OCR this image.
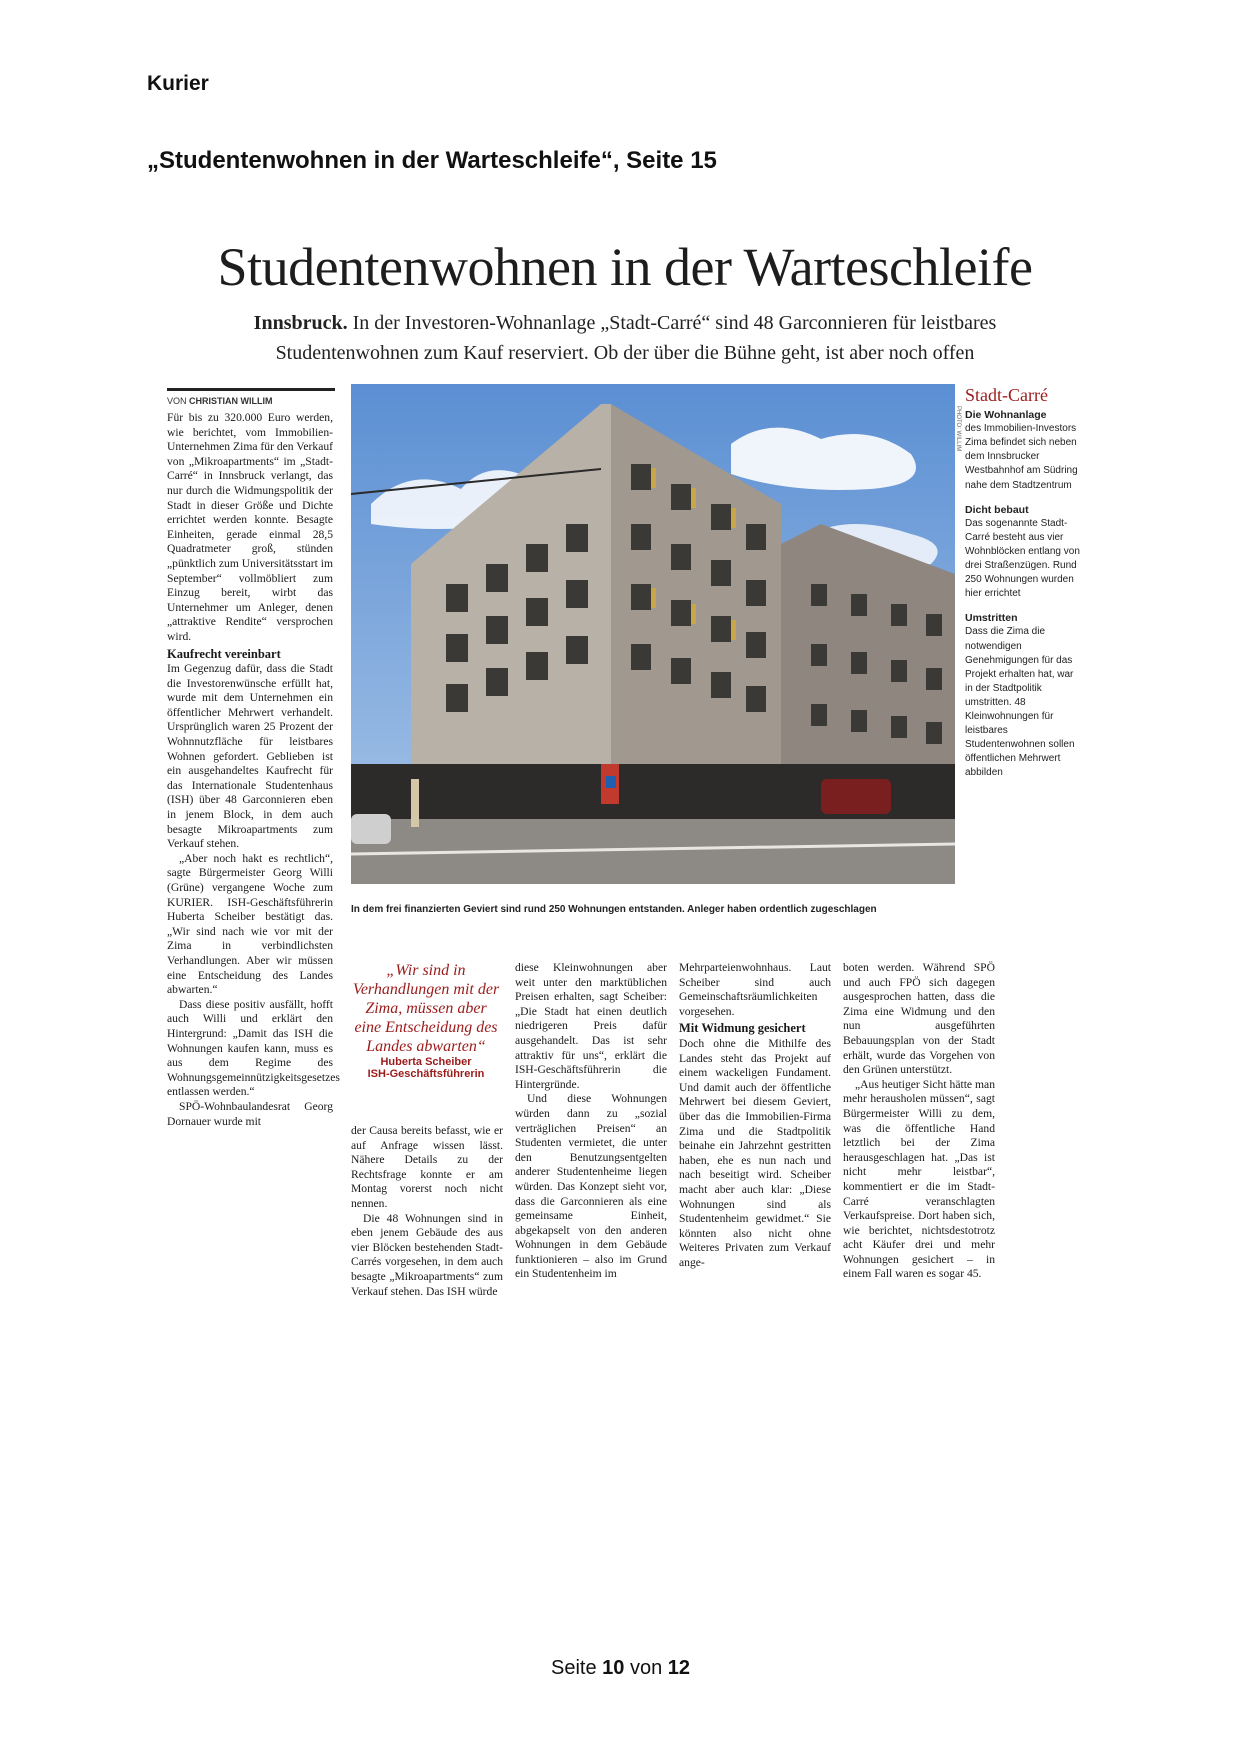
Kurier
„Studentenwohnen in der Warteschleife“, Seite 15
Studentenwohnen in der Warteschleife
Innsbruck. In der Investoren-Wohnanlage „Stadt-Carré“ sind 48 Garconnieren für leistbares Studentenwohnen zum Kauf reserviert. Ob der über die Bühne geht, ist aber noch offen
VON CHRISTIAN WILLIM

Für bis zu 320.000 Euro werden, wie berichtet, vom Immobilien-Unternehmen Zima für den Verkauf von „Mikroapartments“ im „Stadt-Carré“ in Innsbruck verlangt, das nur durch die Widmungspolitik der Stadt in dieser Größe und Dichte errichtet werden konnte. Besagte Einheiten, gerade einmal 28,5 Quadratmeter groß, stünden „pünktlich zum Universitätsstart im September“ vollmöbliert zum Einzug bereit, wirbt das Unternehmer um Anleger, denen „attraktive Rendite“ versprochen wird.

Kaufrecht vereinbart

Im Gegenzug dafür, dass die Stadt die Investorenwünsche erfüllt hat, wurde mit dem Unternehmen ein öffentlicher Mehrwert verhandelt. Ursprünglich waren 25 Prozent der Wohnnutzfläche für leistbares Wohnen gefordert. Geblieben ist ein ausgehandeltes Kaufrecht für das Internationale Studentenhaus (ISH) über 48 Garconnieren eben in jenem Block, in dem auch besagte Mikroapartments zum Verkauf stehen.

„Aber noch hakt es rechtlich“, sagte Bürgermeister Georg Willi (Grüne) vergangene Woche zum KURIER. ISH-Geschäftsführerin Huberta Scheiber bestätigt das. „Wir sind nach wie vor mit der Zima in verbindlichsten Verhandlungen. Aber wir müssen eine Entscheidung des Landes abwarten.“

Dass diese positiv ausfällt, hofft auch Willi und erklärt den Hintergrund: „Damit das ISH die Wohnungen kaufen kann, muss es aus dem Regime des Wohnungsgemeinnützigkeitsgesetzes entlassen werden.“

SPÖ-Wohnbaulandesrat Georg Dornauer wurde mit

PHOTO: WILLIM
In dem frei finanzierten Geviert sind rund 250 Wohnungen entstanden. Anleger haben ordentlich zugeschlagen
Stadt-Carré
Die Wohnanlage
des Immobilien-Investors Zima befindet sich neben dem Innsbrucker Westbahnhof am Südring nahe dem Stadtzentrum
Dicht bebaut
Das sogenannte Stadt-Carré besteht aus vier Wohnblöcken entlang von drei Straßenzügen. Rund 250 Wohnungen wurden hier errichtet
Umstritten
Dass die Zima die notwendigen Genehmigungen für das Projekt erhalten hat, war in der Stadtpolitik umstritten. 48 Kleinwohnungen für leistbares Studentenwohnen sollen öffentlichen Mehrwert abbilden
„Wir sind in Verhandlungen mit der Zima, müssen aber eine Entscheidung des Landes abwarten“
Huberta Scheiber
ISH-Geschäftsführerin

der Causa bereits befasst, wie er auf Anfrage wissen lässt. Nähere Details zu der Rechtsfrage konnte er am Montag vorerst noch nicht nennen.

Die 48 Wohnungen sind in eben jenem Gebäude des aus vier Blöcken bestehenden Stadt-Carrés vorgesehen, in dem auch besagte „Mikroapartments“ zum Verkauf stehen. Das ISH würde

diese Kleinwohnungen aber weit unter den marktüblichen Preisen erhalten, sagt Scheiber: „Die Stadt hat einen deutlich niedrigeren Preis dafür ausgehandelt. Das ist sehr attraktiv für uns“, erklärt die ISH-Geschäftsführerin die Hintergründe.

Und diese Wohnungen würden dann zu „sozial verträglichen Preisen“ an Studenten vermietet, die unter den Benutzungsentgelten anderer Studentenheime liegen würden. Das Konzept sieht vor, dass die Garconnieren als eine gemeinsame Einheit, abgekapselt von den anderen Wohnungen in dem Gebäude funktionieren – also im Grund ein Studentenheim im

Mehrparteienwohnhaus. Laut Scheiber sind auch Gemeinschaftsräumlichkeiten vorgesehen.

Mit Widmung gesichert

Doch ohne die Mithilfe des Landes steht das Projekt auf einem wackeligen Fundament. Und damit auch der öffentliche Mehrwert bei diesem Geviert, über das die Immobilien-Firma Zima und die Stadtpolitik beinahe ein Jahrzehnt gestritten haben, ehe es nun nach und nach beseitigt wird. Scheiber macht aber auch klar: „Diese Wohnungen sind als Studentenheim gewidmet.“ Sie könnten also nicht ohne Weiteres Privaten zum Verkauf ange-

boten werden. Während SPÖ und auch FPÖ sich dagegen ausgesprochen hatten, dass die Zima eine Widmung und den nun ausgeführten Bebauungsplan von der Stadt erhält, wurde das Vorgehen von den Grünen unterstützt.

„Aus heutiger Sicht hätte man mehr herausholen müssen“, sagt Bürgermeister Willi zu dem, was die öffentliche Hand letztlich bei der Zima herausgeschlagen hat. „Das ist nicht mehr leistbar“, kommentiert er die im Stadt-Carré veranschlagten Verkaufspreise. Dort haben sich, wie berichtet, nichtsdestotrotz acht Käufer drei und mehr Wohnungen gesichert – in einem Fall waren es sogar 45.

Seite 10 von 12
